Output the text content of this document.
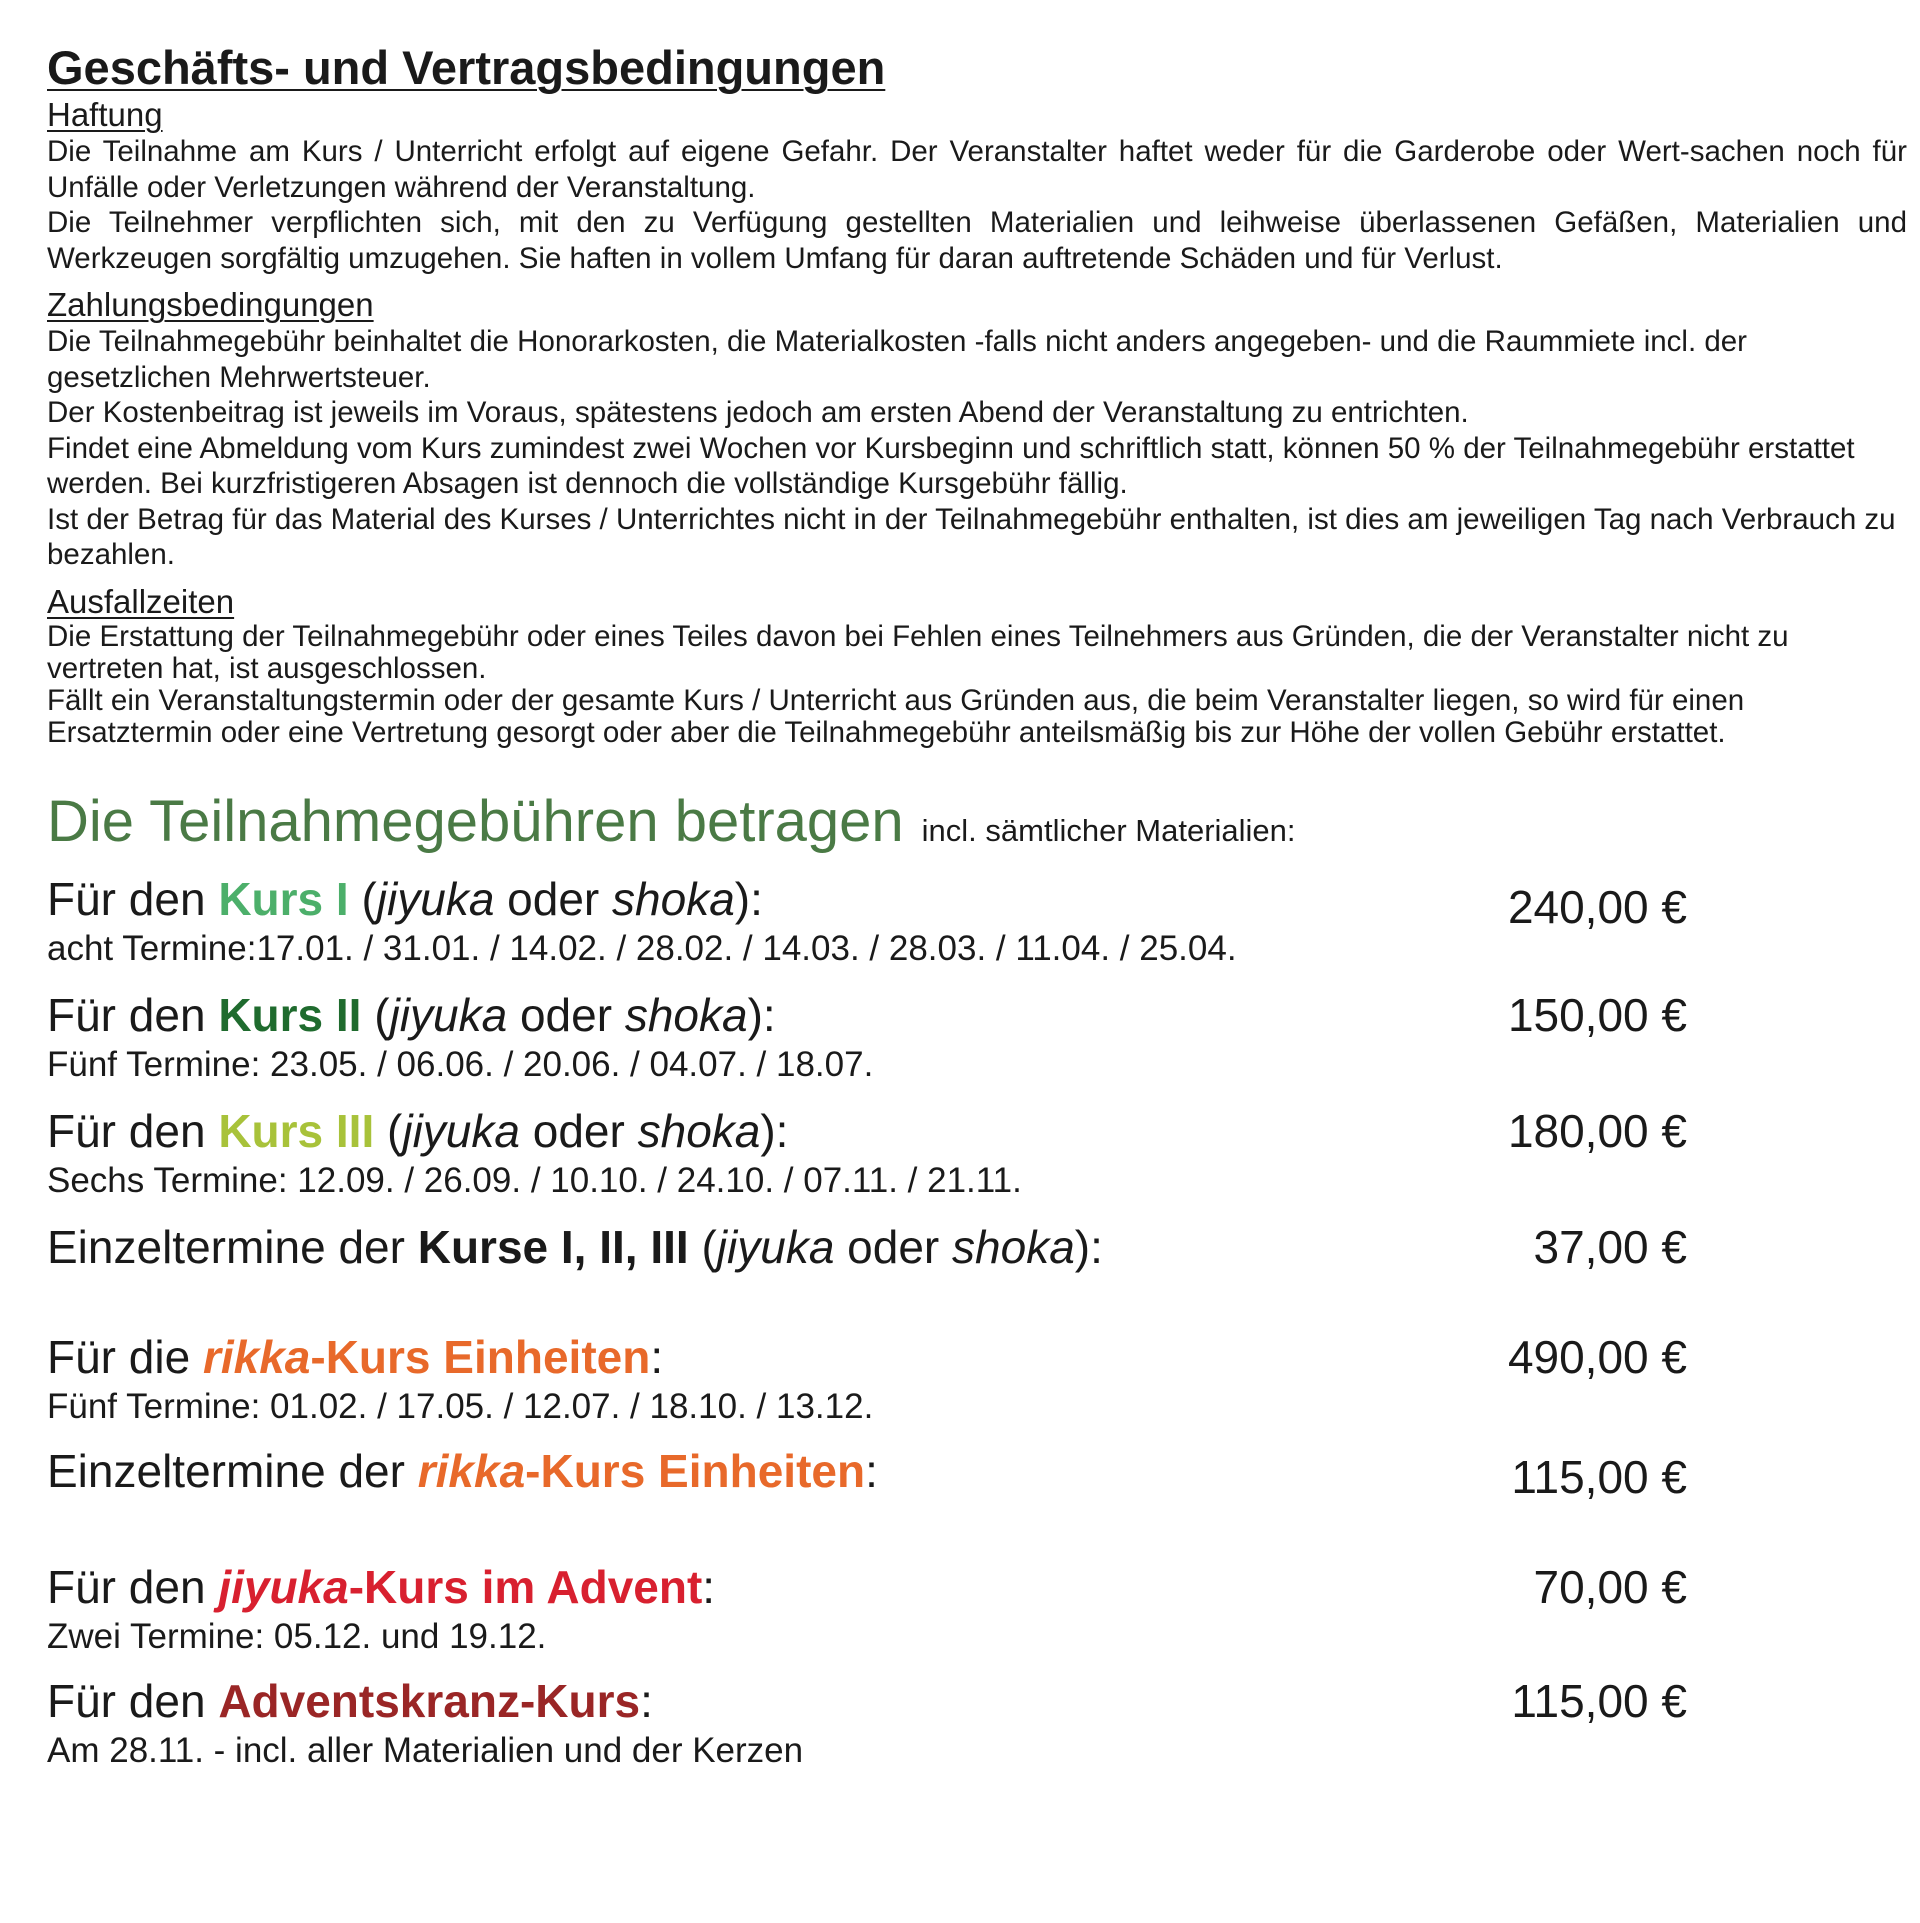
Geschäfts- und Vertragsbedingungen
Haftung

Die Teilnahme am Kurs / Unterricht erfolgt auf eigene Gefahr. Der Veranstalter haftet weder für die Garderobe oder Wert-sachen noch für Unfälle oder Verletzungen während der Veranstaltung.

Die Teilnehmer verpflichten sich, mit den zu Verfügung gestellten Materialien und leihweise überlassenen Gefäßen, Materialien und Werkzeugen sorgfältig umzugehen. Sie haften in vollem Umfang für daran auftretende Schäden und für Verlust.

Zahlungsbedingungen

Die Teilnahmegebühr beinhaltet die Honorarkosten, die Materialkosten -falls nicht anders angegeben- und die Raummiete incl. der gesetzlichen Mehrwertsteuer.

Der Kostenbeitrag ist jeweils im Voraus, spätestens jedoch am ersten Abend der Veranstaltung zu entrichten.

Findet eine Abmeldung vom Kurs zumindest zwei Wochen vor Kursbeginn und schriftlich statt, können 50 % der Teilnahmegebühr erstattet werden. Bei kurzfristigeren Absagen ist dennoch die vollständige Kursgebühr fällig.

Ist der Betrag für das Material des Kurses / Unterrichtes nicht in der Teilnahmegebühr enthalten, ist dies am jeweiligen Tag nach Verbrauch zu bezahlen.

Ausfallzeiten

Die Erstattung der Teilnahmegebühr oder eines Teiles davon bei Fehlen eines Teilnehmers aus Gründen, die der Veranstalter nicht zu vertreten hat, ist ausgeschlossen.

Fällt ein Veranstaltungstermin oder der gesamte Kurs / Unterricht aus Gründen aus, die beim Veranstalter liegen, so wird für einen Ersatztermin oder eine Vertretung gesorgt oder aber die Teilnahmegebühr anteilsmäßig bis zur Höhe der vollen Gebühr erstattet.

Die Teilnahmegebühren betragen incl. sämtlicher Materialien:
Für den Kurs I (jiyuka oder shoka):	240,00 €
acht Termine:17.01. / 31.01. / 14.02. / 28.02. / 14.03. / 28.03. / 11.04. / 25.04.
Für den Kurs II (jiyuka oder shoka):	150,00 €
Fünf Termine: 23.05. / 06.06. / 20.06. / 04.07. / 18.07.
Für den Kurs III (jiyuka oder shoka):	180,00 €
Sechs Termine: 12.09. / 26.09. / 10.10. / 24.10. / 07.11. / 21.11.
Einzeltermine der Kurse I, II, III (jiyuka oder shoka):	37,00 €
Für die rikka-Kurs Einheiten:	490,00 €
Fünf Termine: 01.02. / 17.05. / 12.07. / 18.10. / 13.12.
Einzeltermine der rikka-Kurs Einheiten:	115,00 €
Für den jiyuka-Kurs im Advent:	70,00 €
Zwei Termine: 05.12. und 19.12.
Für den Adventskranz-Kurs:	115,00 €
Am 28.11. - incl. aller Materialien und der Kerzen
